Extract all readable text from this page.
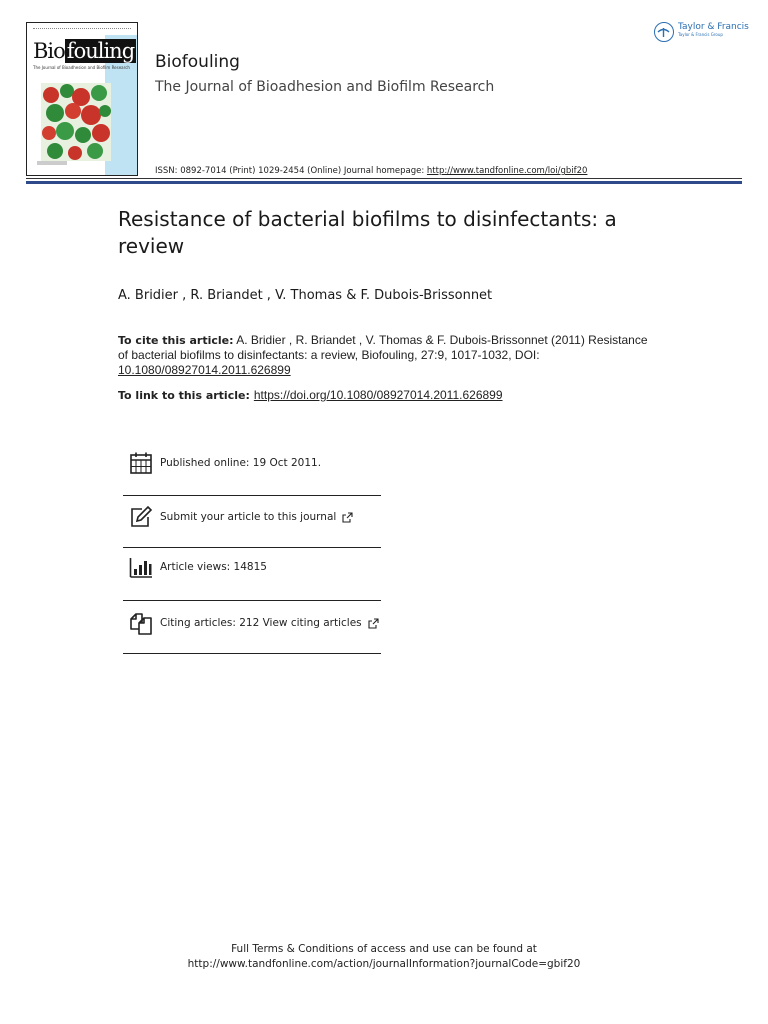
Biofouling
The Journal of Bioadhesion and Biofilm Research Biofouling
The Journal of Bioadhesion and Biofilm Research
ISSN: 0892-7014 (Print) 1029-2454 (Online) Journal homepage: http://www.tandfonline.com/loi/gbif20
Taylor & Francis
Taylor & Francis Group
Resistance of bacterial biofilms to disinfectants: a review
A. Bridier , R. Briandet , V. Thomas & F. Dubois-Brissonnet
To cite this article: A. Bridier , R. Briandet , V. Thomas & F. Dubois-Brissonnet (2011) Resistance of bacterial biofilms to disinfectants: a review, Biofouling, 27:9, 1017-1032, DOI: 10.1080/08927014.2011.626899
To link to this article: https://doi.org/10.1080/08927014.2011.626899
Published online: 19 Oct 2011.
Submit your article to this journal
Article views: 14815
Citing articles: 212 View citing articles
Full Terms & Conditions of access and use can be found at
http://www.tandfonline.com/action/journalInformation?journalCode=gbif20
